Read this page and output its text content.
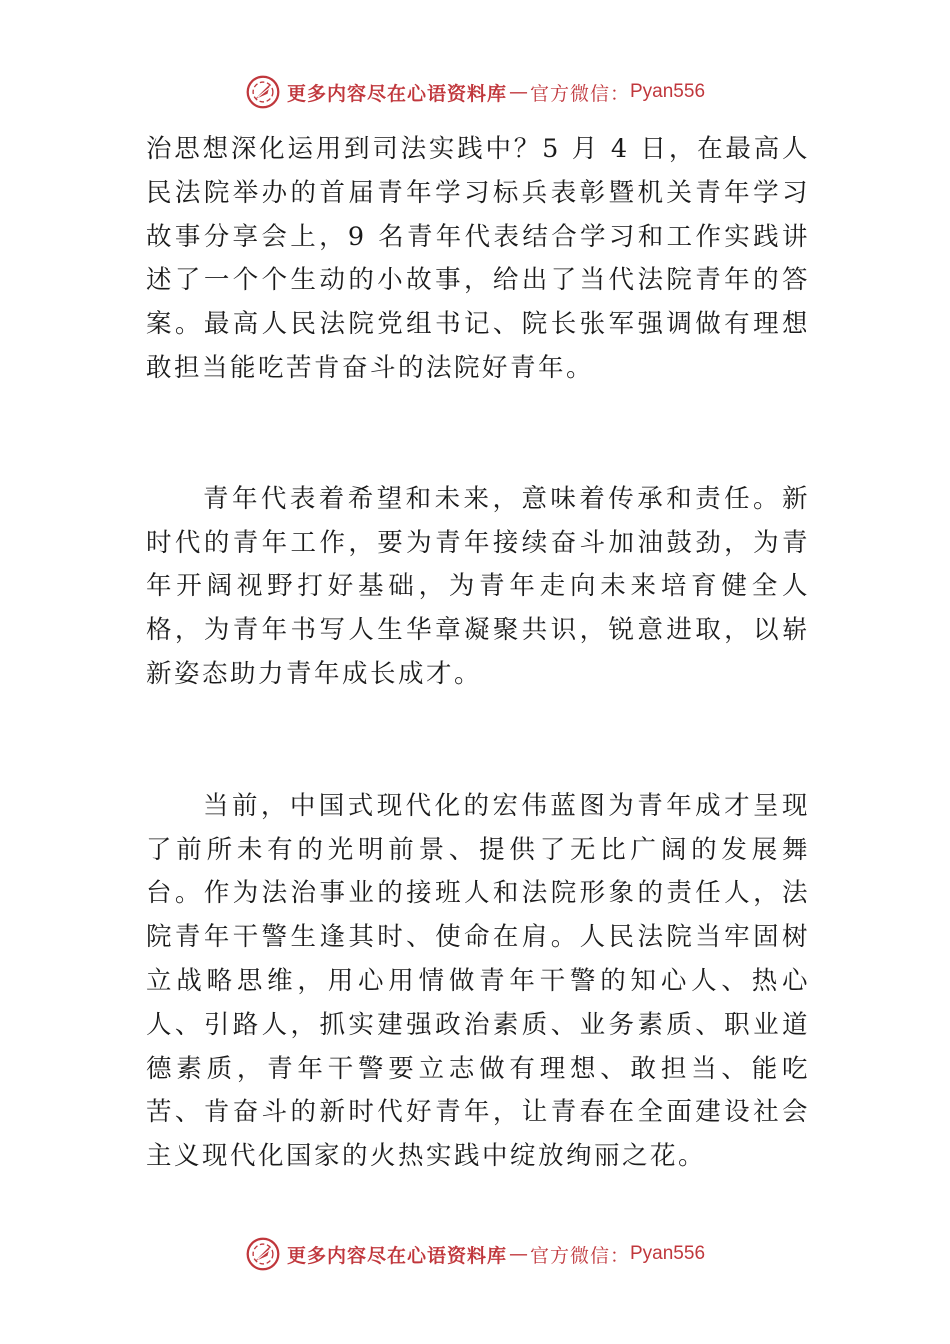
更多内容尽在心语资料库 — 官方微信： Pyan556

治思想深化运用到司法实践中？5 月 4 日，在最高人民法院举办的首届青年学习标兵表彰暨机关青年学习故事分享会上，9 名青年代表结合学习和工作实践讲述了一个个生动的小故事，给出了当代法院青年的答案。最高人民法院党组书记、院长张军强调做有理想敢担当能吃苦肯奋斗的法院好青年。

青年代表着希望和未来，意味着传承和责任。新时代的青年工作，要为青年接续奋斗加油鼓劲，为青年开阔视野打好基础，为青年走向未来培育健全人格，为青年书写人生华章凝聚共识，锐意进取，以崭新姿态助力青年成长成才。

当前，中国式现代化的宏伟蓝图为青年成才呈现了前所未有的光明前景、提供了无比广阔的发展舞台。作为法治事业的接班人和法院形象的责任人，法院青年干警生逢其时、使命在肩。人民法院当牢固树立战略思维，用心用情做青年干警的知心人、热心人、引路人，抓实建强政治素质、业务素质、职业道德素质，青年干警要立志做有理想、敢担当、能吃苦、肯奋斗的新时代好青年，让青春在全面建设社会主义现代化国家的火热实践中绽放绚丽之花。

更多内容尽在心语资料库 — 官方微信： Pyan556
